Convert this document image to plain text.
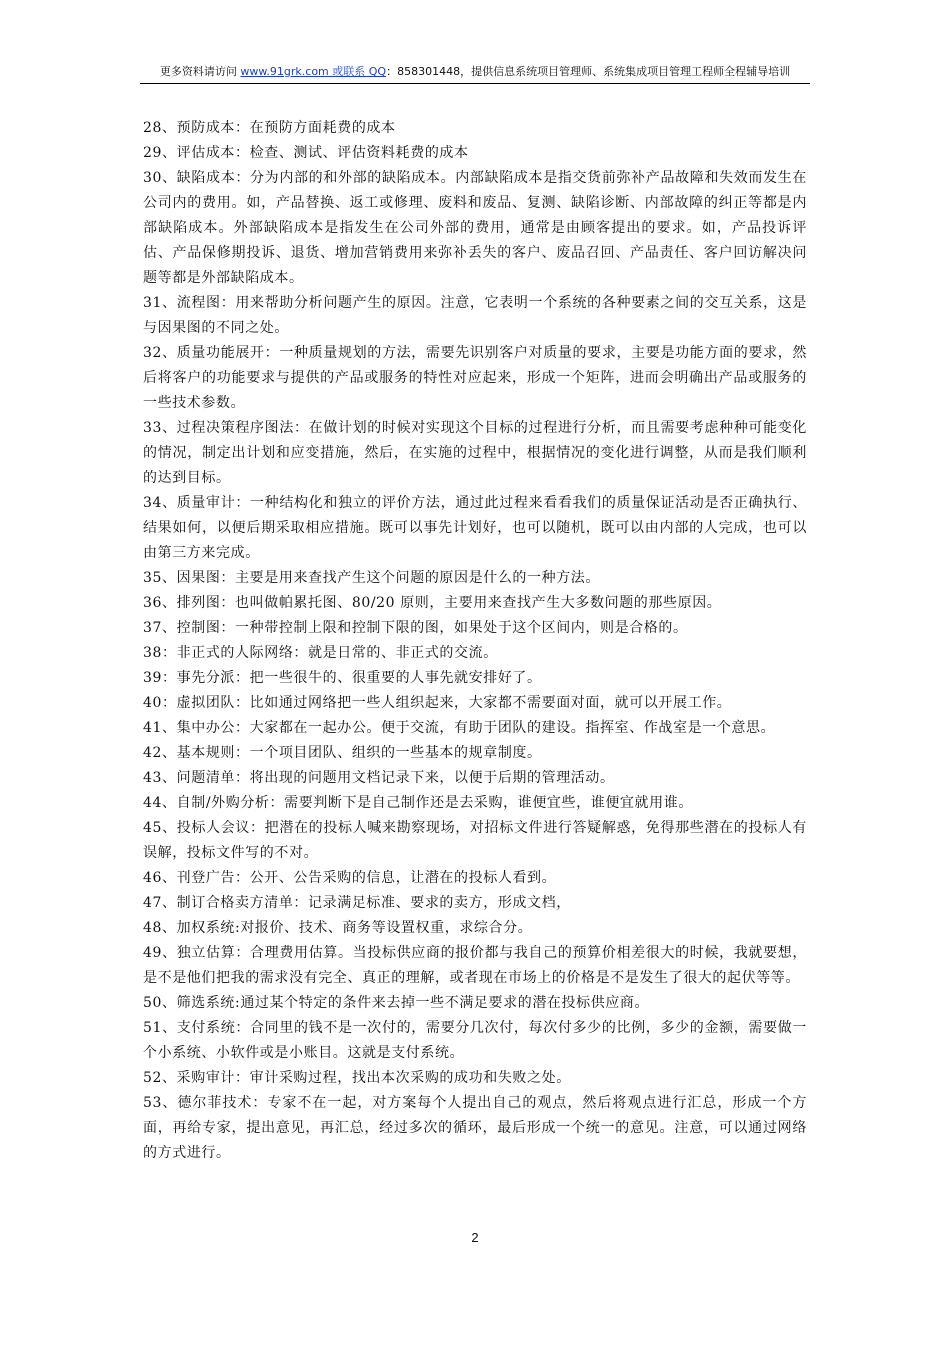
更多资料请访问 www.91grk.com 或联系 QQ：858301448，提供信息系统项目管理师、系统集成项目管理工程师全程辅导培训

28、预防成本：在预防方面耗费的成本

29、评估成本：检查、测试、评估资料耗费的成本

30、缺陷成本：分为内部的和外部的缺陷成本。内部缺陷成本是指交货前弥补产品故障和失效而发生在公司内的费用。如，产品替换、返工或修理、废料和废品、复测、缺陷诊断、内部故障的纠正等都是内部缺陷成本。外部缺陷成本是指发生在公司外部的费用，通常是由顾客提出的要求。如，产品投诉评估、产品保修期投诉、退货、增加营销费用来弥补丢失的客户、废品召回、产品责任、客户回访解决问题等都是外部缺陷成本。

31、流程图：用来帮助分析问题产生的原因。注意，它表明一个系统的各种要素之间的交互关系，这是与因果图的不同之处。

32、质量功能展开：一种质量规划的方法，需要先识别客户对质量的要求，主要是功能方面的要求，然后将客户的功能要求与提供的产品或服务的特性对应起来，形成一个矩阵，进而会明确出产品或服务的一些技术参数。

33、过程决策程序图法：在做计划的时候对实现这个目标的过程进行分析，而且需要考虑种种可能变化的情况，制定出计划和应变措施，然后，在实施的过程中，根据情况的变化进行调整，从而是我们顺利的达到目标。

34、质量审计：一种结构化和独立的评价方法，通过此过程来看看我们的质量保证活动是否正确执行、结果如何，以便后期采取相应措施。既可以事先计划好，也可以随机，既可以由内部的人完成，也可以由第三方来完成。

35、因果图：主要是用来查找产生这个问题的原因是什么的一种方法。

36、排列图：也叫做帕累托图、80/20 原则，主要用来查找产生大多数问题的那些原因。

37、控制图：一种带控制上限和控制下限的图，如果处于这个区间内，则是合格的。

38：非正式的人际网络：就是日常的、非正式的交流。

39：事先分派：把一些很牛的、很重要的人事先就安排好了。

40：虚拟团队：比如通过网络把一些人组织起来，大家都不需要面对面，就可以开展工作。

41、集中办公：大家都在一起办公。便于交流，有助于团队的建设。指挥室、作战室是一个意思。

42、基本规则：一个项目团队、组织的一些基本的规章制度。

43、问题清单：将出现的问题用文档记录下来，以便于后期的管理活动。

44、自制/外购分析：需要判断下是自己制作还是去采购，谁便宜些，谁便宜就用谁。

45、投标人会议：把潜在的投标人喊来勘察现场，对招标文件进行答疑解惑，免得那些潜在的投标人有误解，投标文件写的不对。

46、刊登广告：公开、公告采购的信息，让潜在的投标人看到。

47、制订合格卖方清单：记录满足标准、要求的卖方，形成文档，

48、加权系统:对报价、技术、商务等设置权重，求综合分。

49、独立估算：合理费用估算。当投标供应商的报价都与我自己的预算价相差很大的时候，我就要想，是不是他们把我的需求没有完全、真正的理解，或者现在市场上的价格是不是发生了很大的起伏等等。

50、筛选系统:通过某个特定的条件来去掉一些不满足要求的潜在投标供应商。

51、支付系统：合同里的钱不是一次付的，需要分几次付，每次付多少的比例，多少的金额，需要做一个小系统、小软件或是小账目。这就是支付系统。

52、采购审计：审计采购过程，找出本次采购的成功和失败之处。

53、德尔菲技术：专家不在一起，对方案每个人提出自己的观点，然后将观点进行汇总，形成一个方面，再给专家，提出意见，再汇总，经过多次的循环，最后形成一个统一的意见。注意，可以通过网络的方式进行。

2
